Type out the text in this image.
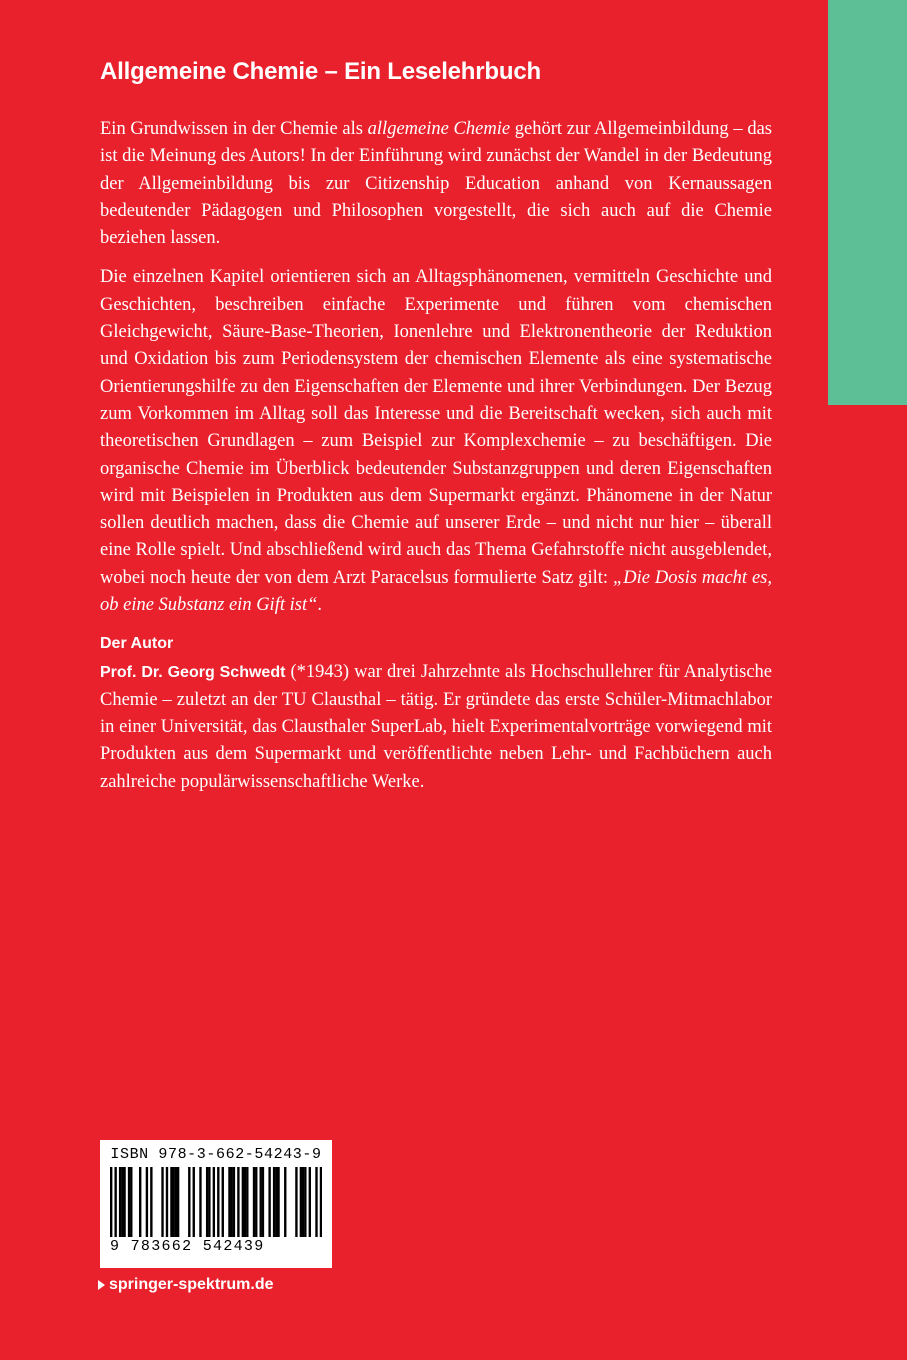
Allgemeine Chemie – Ein Leselehrbuch

Ein Grundwissen in der Chemie als allgemeine Chemie gehört zur Allgemeinbildung – das ist die Meinung des Autors! In der Einführung wird zunächst der Wandel in der Bedeutung der Allgemeinbildung bis zur Citizenship Education anhand von Kernaussagen bedeutender Pädagogen und Philosophen vorgestellt, die sich auch auf die Chemie beziehen lassen.

Die einzelnen Kapitel orientieren sich an Alltagsphänomenen, vermitteln Geschichte und Geschichten, beschreiben einfache Experimente und führen vom chemischen Gleichgewicht, Säure-Base-Theorien, Ionenlehre und Elektronentheorie der Reduktion und Oxidation bis zum Periodensystem der chemischen Elemente als eine systematische Orientierungshilfe zu den Eigenschaften der Elemente und ihrer Verbindungen. Der Bezug zum Vorkommen im Alltag soll das Interesse und die Bereitschaft wecken, sich auch mit theoretischen Grundlagen – zum Beispiel zur Komplexchemie – zu beschäftigen. Die organische Chemie im Überblick bedeutender Substanzgruppen und deren Eigenschaften wird mit Beispielen in Produkten aus dem Supermarkt ergänzt. Phänomene in der Natur sollen deutlich machen, dass die Chemie auf unserer Erde – und nicht nur hier – überall eine Rolle spielt. Und abschließend wird auch das Thema Gefahrstoffe nicht ausgeblendet, wobei noch heute der von dem Arzt Paracelsus formulierte Satz gilt: „Die Dosis macht es, ob eine Substanz ein Gift ist“.

Der Autor

Prof. Dr. Georg Schwedt (*1943) war drei Jahrzehnte als Hochschullehrer für Analytische Chemie – zuletzt an der TU Clausthal – tätig. Er gründete das erste Schüler-Mitmachlabor in einer Universität, das Clausthaler SuperLab, hielt Experimentalvorträge vorwiegend mit Produkten aus dem Supermarkt und veröffentlichte neben Lehr- und Fachbüchern auch zahlreiche populärwissenschaftliche Werke.

ISBN 978-3-662-54243-9
9 783662 542439
springer-spektrum.de
